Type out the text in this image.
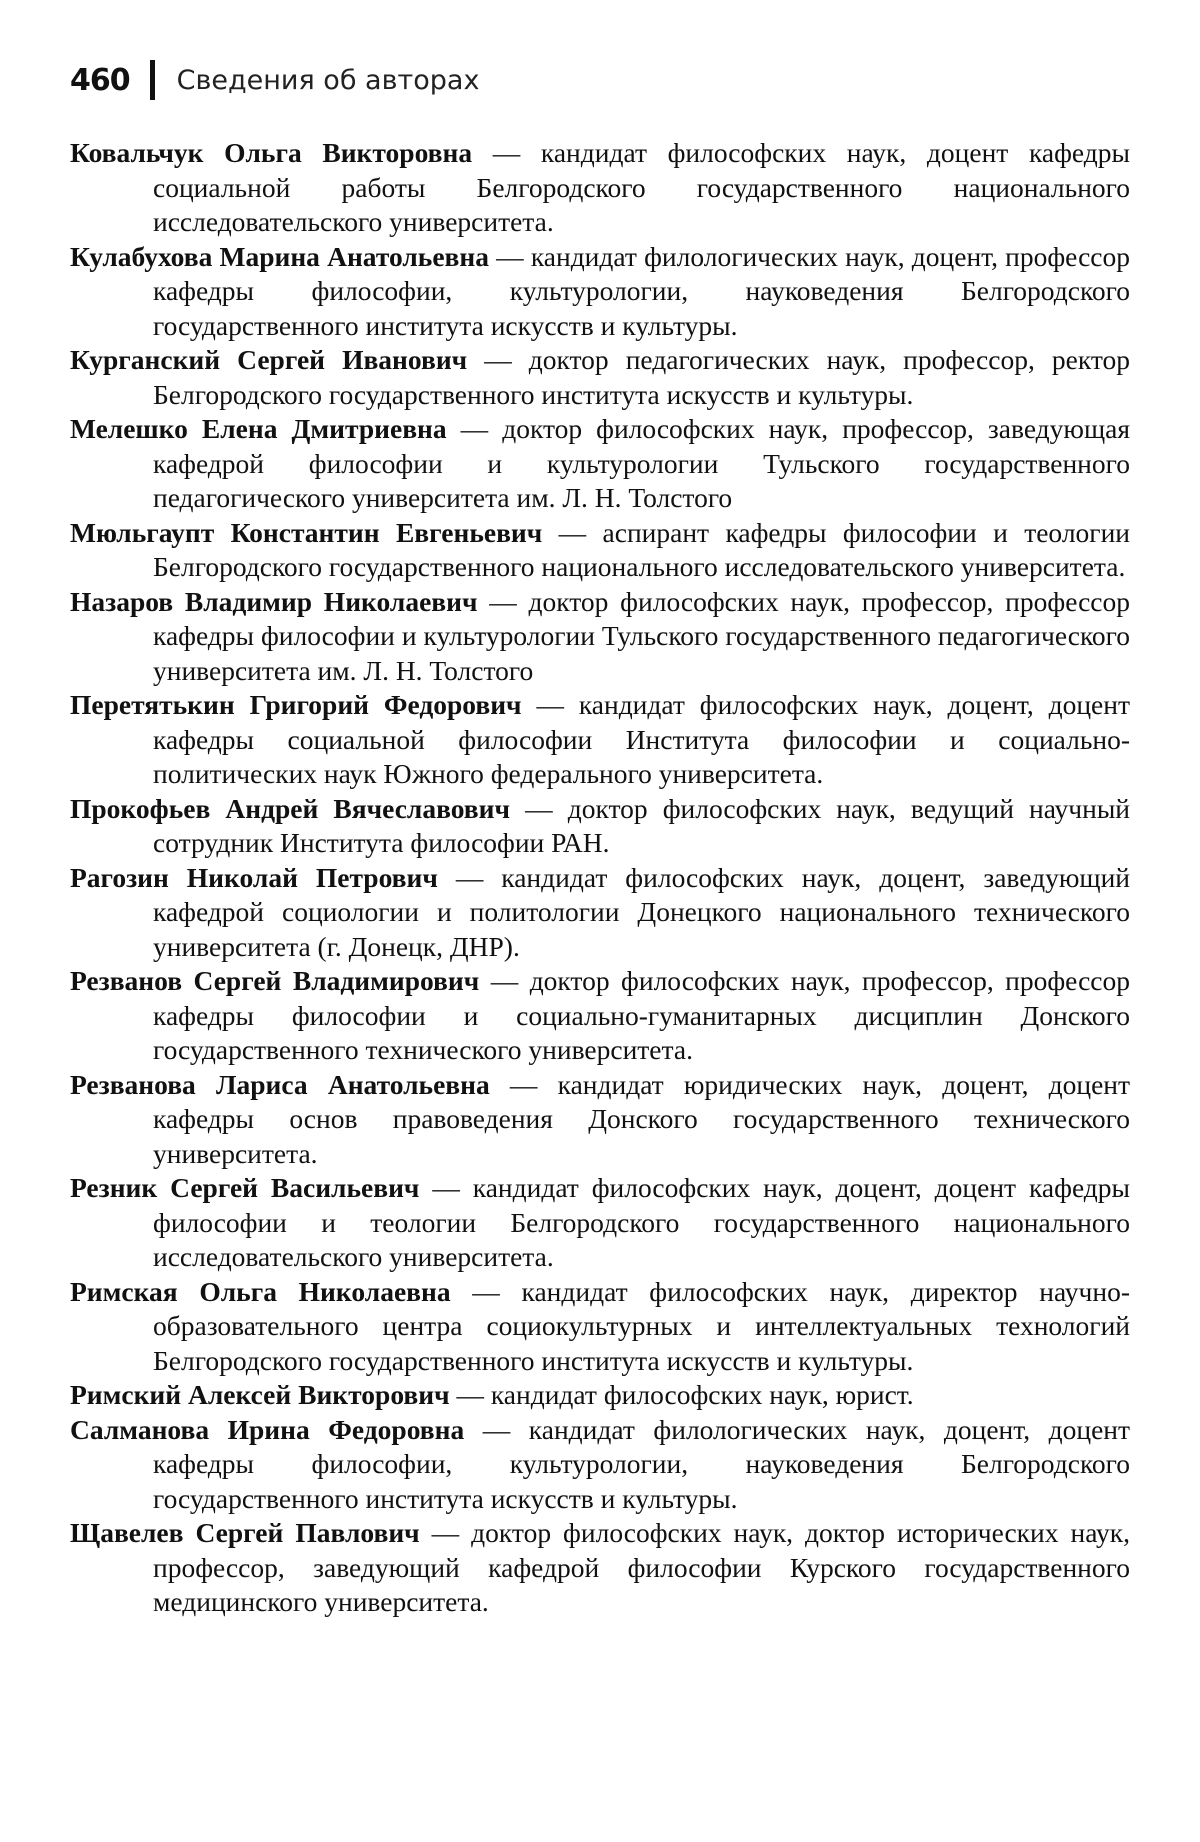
460 Сведения об авторах

Ковальчук Ольга Викторовна — кандидат философских наук, доцент кафедры социальной работы Белгородского государственного национального исследовательского университета.

Кулабухова Марина Анатольевна — кандидат филологических наук, доцент, профессор кафедры философии, культурологии, науковедения Белгородского государственного института искусств и культуры.

Курганский Сергей Иванович — доктор педагогических наук, профессор, ректор Белгородского государственного института искусств и культуры.

Мелешко Елена Дмитриевна — доктор философских наук, профессор, заведующая кафедрой философии и культурологии Тульского государственного педагогического университета им. Л. Н. Толстого

Мюльгаупт Константин Евгеньевич — аспирант кафедры философии и теологии Белгородского государственного национального исследовательского университета.

Назаров Владимир Николаевич — доктор философских наук, профессор, профессор кафедры философии и культурологии Тульского государственного педагогического университета им. Л. Н. Толстого

Перетятькин Григорий Федорович — кандидат философских наук, доцент, доцент кафедры социальной философии Института философии и социально-политических наук Южного федерального университета.

Прокофьев Андрей Вячеславович — доктор философских наук, ведущий научный сотрудник Института философии РАН.

Рагозин Николай Петрович — кандидат философских наук, доцент, заведующий кафедрой социологии и политологии Донецкого национального технического университета (г. Донецк, ДНР).

Резванов Сергей Владимирович — доктор философских наук, профессор, профессор кафедры философии и социально-гуманитарных дисциплин Донского государственного технического университета.

Резванова Лариса Анатольевна — кандидат юридических наук, доцент, доцент кафедры основ правоведения Донского государственного технического университета.

Резник Сергей Васильевич — кандидат философских наук, доцент, доцент кафедры философии и теологии Белгородского государственного национального исследовательского университета.

Римская Ольга Николаевна — кандидат философских наук, директор научно-образовательного центра социокультурных и интеллектуальных технологий Белгородского государственного института искусств и культуры.

Римский Алексей Викторович — кандидат философских наук, юрист.

Салманова Ирина Федоровна — кандидат филологических наук, доцент, доцент кафедры философии, культурологии, науковедения Белгородского государственного института искусств и культуры.

Щавелев Сергей Павлович — доктор философских наук, доктор исторических наук, профессор, заведующий кафедрой философии Курского государственного медицинского университета.
